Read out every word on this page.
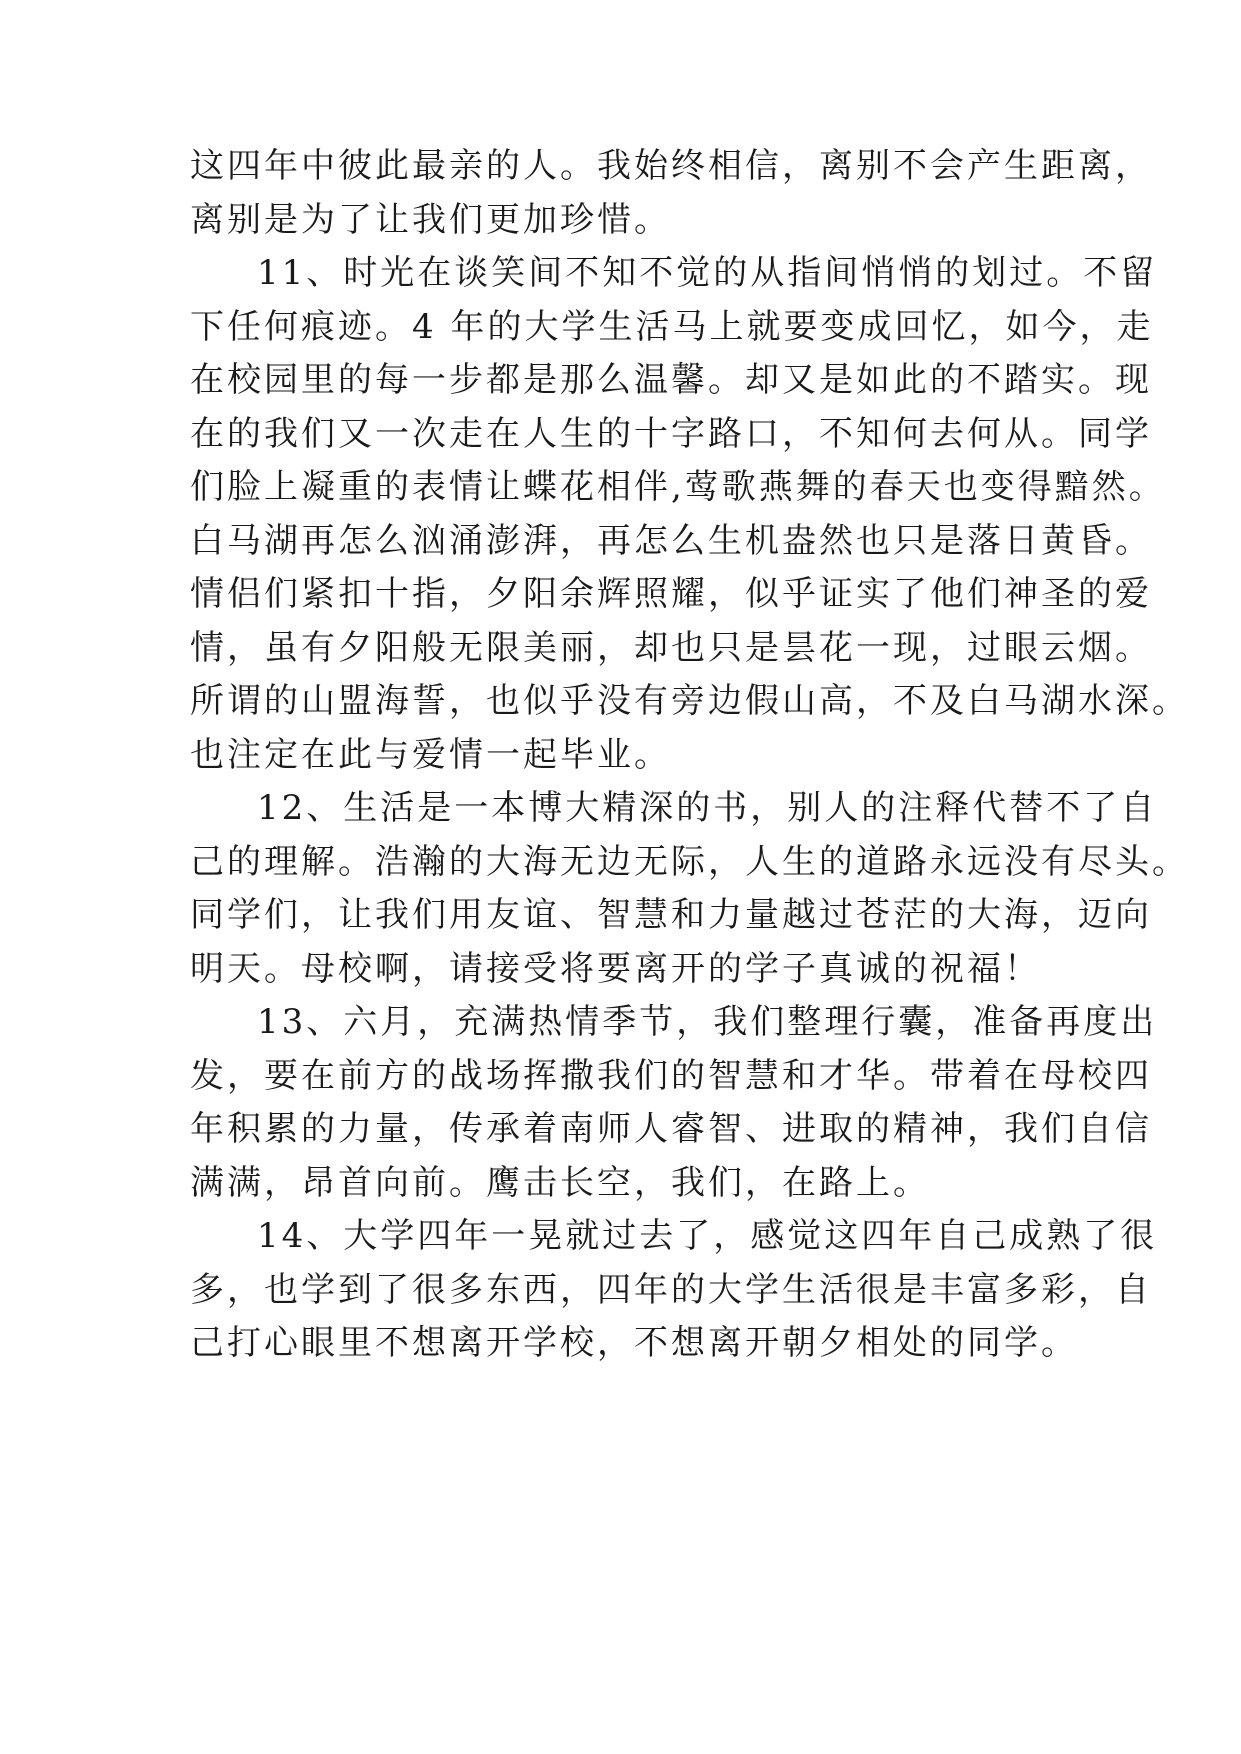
这四年中彼此最亲的人。我始终相信，离别不会产生距离，
离别是为了让我们更加珍惜。
11、时光在谈笑间不知不觉的从指间悄悄的划过。不留
下任何痕迹。4 年的大学生活马上就要变成回忆，如今，走
在校园里的每一步都是那么温馨。却又是如此的不踏实。现
在的我们又一次走在人生的十字路口，不知何去何从。同学
们脸上凝重的表情让蝶花相伴,莺歌燕舞的春天也变得黯然。
白马湖再怎么汹涌澎湃，再怎么生机盎然也只是落日黄昏。
情侣们紧扣十指，夕阳余辉照耀，似乎证实了他们神圣的爱
情，虽有夕阳般无限美丽，却也只是昙花一现，过眼云烟。
所谓的山盟海誓，也似乎没有旁边假山高，不及白马湖水深。
也注定在此与爱情一起毕业。
12、生活是一本博大精深的书，别人的注释代替不了自
己的理解。浩瀚的大海无边无际，人生的道路永远没有尽头。
同学们，让我们用友谊、智慧和力量越过苍茫的大海，迈向
明天。母校啊，请接受将要离开的学子真诚的祝福！
13、六月，充满热情季节，我们整理行囊，准备再度出
发，要在前方的战场挥撒我们的智慧和才华。带着在母校四
年积累的力量，传承着南师人睿智、进取的精神，我们自信
满满，昂首向前。鹰击长空，我们，在路上。
14、大学四年一晃就过去了，感觉这四年自己成熟了很
多，也学到了很多东西，四年的大学生活很是丰富多彩，自
己打心眼里不想离开学校，不想离开朝夕相处的同学。
